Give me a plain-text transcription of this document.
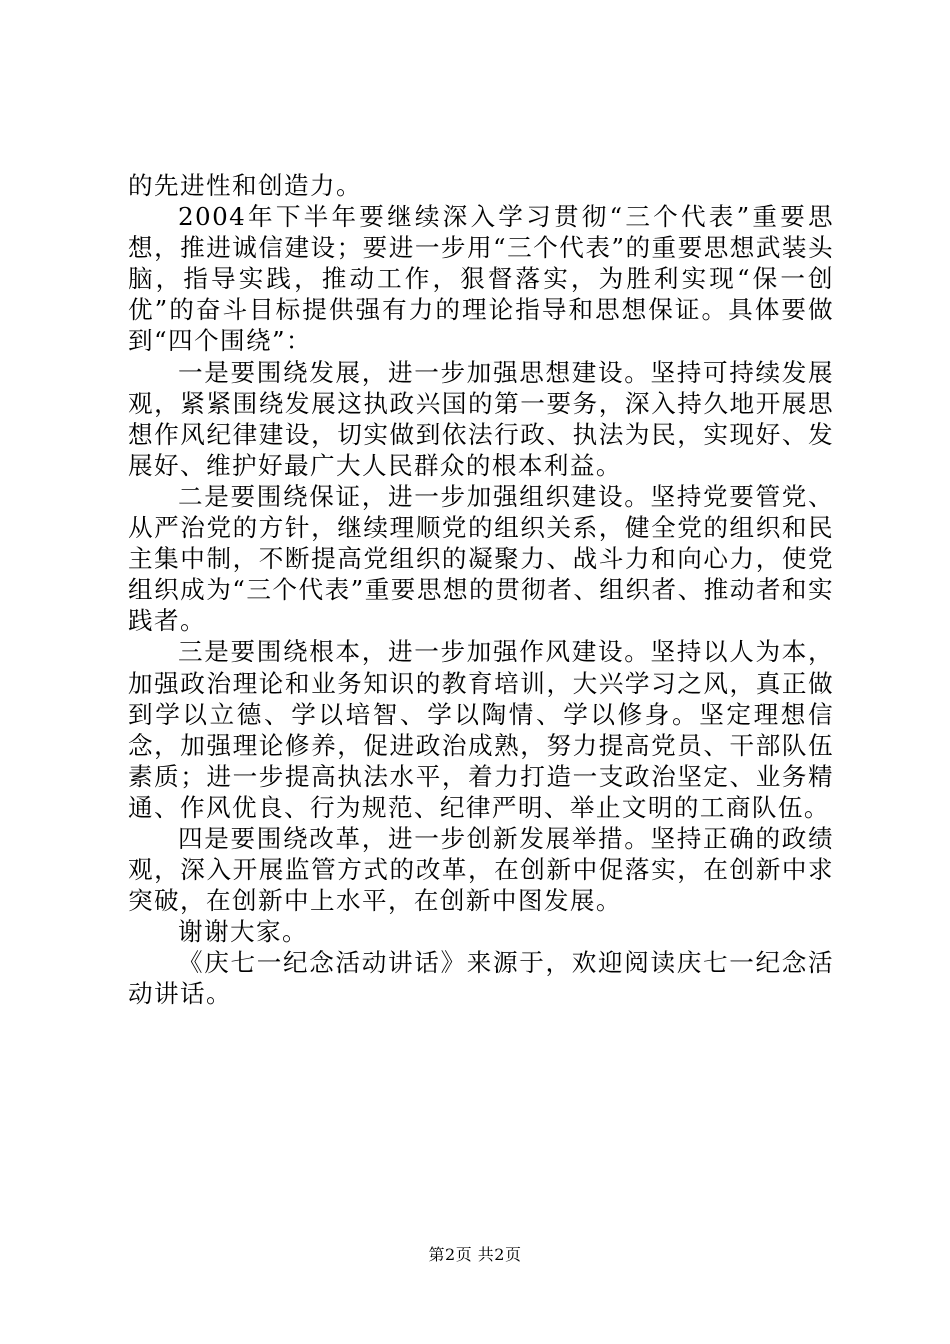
的先进性和创造力。

2004年下半年要继续深入学习贯彻“三个代表”重要思想，推进诚信建设；要进一步用“三个代表”的重要思想武装头脑，指导实践，推动工作，狠督落实，为胜利实现“保一创优”的奋斗目标提供强有力的理论指导和思想保证。具体要做到“四个围绕”：

一是要围绕发展，进一步加强思想建设。坚持可持续发展观，紧紧围绕发展这执政兴国的第一要务，深入持久地开展思想作风纪律建设，切实做到依法行政、执法为民，实现好、发展好、维护好最广大人民群众的根本利益。

二是要围绕保证，进一步加强组织建设。坚持党要管党、从严治党的方针，继续理顺党的组织关系，健全党的组织和民主集中制，不断提高党组织的凝聚力、战斗力和向心力，使党组织成为“三个代表”重要思想的贯彻者、组织者、推动者和实践者。

三是要围绕根本，进一步加强作风建设。坚持以人为本，加强政治理论和业务知识的教育培训，大兴学习之风，真正做到学以立德、学以培智、学以陶情、学以修身。坚定理想信念，加强理论修养，促进政治成熟，努力提高党员、干部队伍素质；进一步提高执法水平，着力打造一支政治坚定、业务精通、作风优良、行为规范、纪律严明、举止文明的工商队伍。

四是要围绕改革，进一步创新发展举措。坚持正确的政绩观，深入开展监管方式的改革，在创新中促落实，在创新中求突破，在创新中上水平，在创新中图发展。

谢谢大家。

《庆七一纪念活动讲话》来源于，欢迎阅读庆七一纪念活动讲话。

第2页 共2页
